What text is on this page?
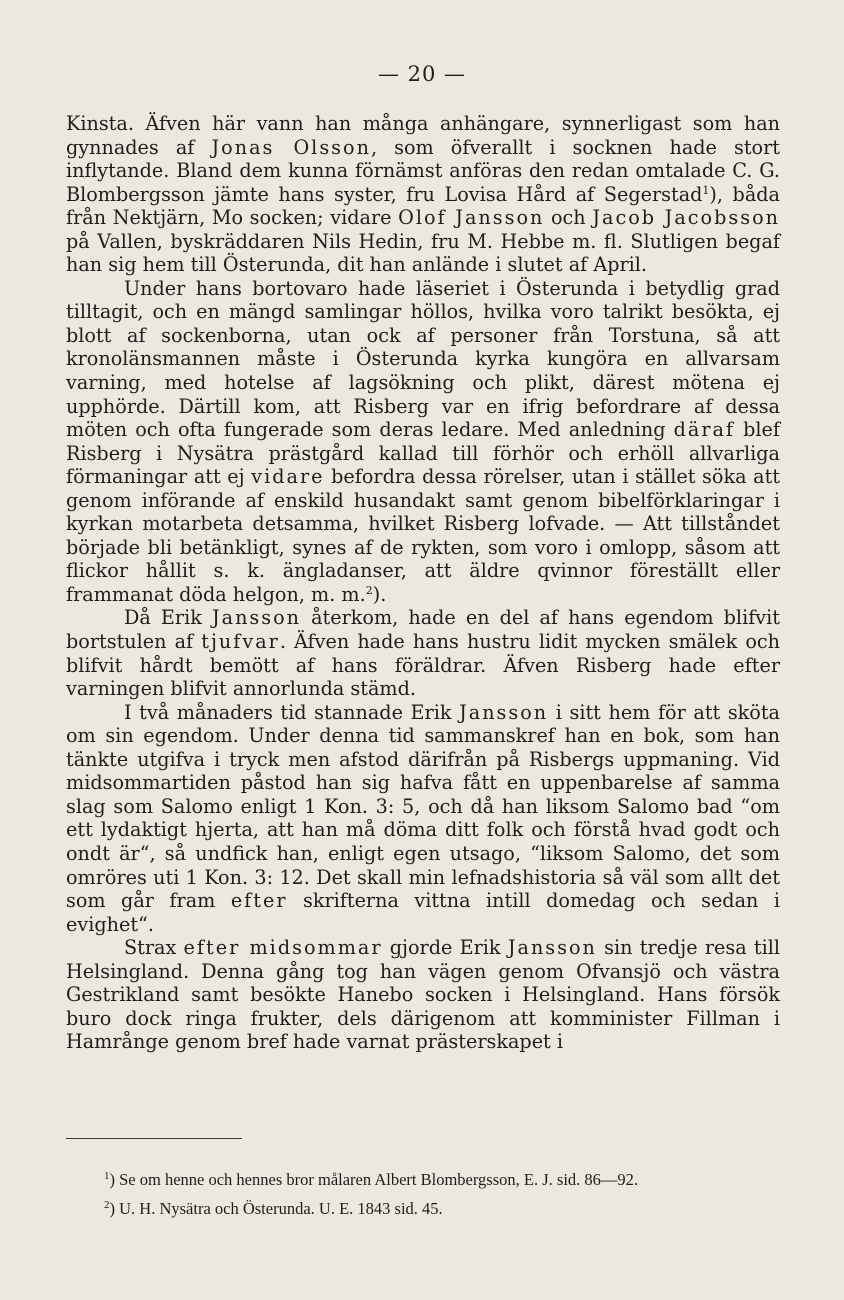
— 20 —

Kinsta. Äfven här vann han många anhängare, synnerligast som han gynnades af Jonas Olsson, som öfverallt i socknen hade stort inflytande. Bland dem kunna förnämst anföras den redan omtalade C. G. Blombergsson jämte hans syster, fru Lovisa Hård af Segerstad$^1$), båda från Nektjärn, Mo socken; vidare Olof Jansson och Jacob Jacobsson på Vallen, byskräddaren Nils Hedin, fru M. Hebbe m. fl. Slutligen begaf han sig hem till Österunda, dit han anlände i slutet af April.

Under hans bortovaro hade läseriet i Österunda i betydlig grad tilltagit, och en mängd samlingar höllos, hvilka voro talrikt besökta, ej blott af sockenborna, utan ock af personer från Torstuna, så att kronolänsmannen måste i Österunda kyrka kungöra en allvarsam varning, med hotelse af lagsökning och plikt, därest mötena ej upphörde. Därtill kom, att Risberg var en ifrig befordrare af dessa möten och ofta fungerade som deras ledare. Med anledning däraf blef Risberg i Nysätra prästgård kallad till förhör och erhöll allvarliga förmaningar att ej vidare befordra dessa rörelser, utan i stället söka att genom införande af enskild husandakt samt genom bibelförklaringar i kyrkan motarbeta detsamma, hvilket Risberg lofvade. — Att tillståndet började bli betänkligt, synes af de rykten, som voro i omlopp, såsom att flickor hållit s. k. ängladanser, att äldre qvinnor föreställt eller frammanat döda helgon, m. m.$^2$).

Då Erik Jansson återkom, hade en del af hans egendom blifvit bortstulen af tjufvar. Äfven hade hans hustru lidit mycken smälek och blifvit hårdt bemött af hans föräldrar. Äfven Risberg hade efter varningen blifvit annorlunda stämd.

I två månaders tid stannade Erik Jansson i sitt hem för att sköta om sin egendom. Under denna tid sammanskref han en bok, som han tänkte utgifva i tryck men afstod därifrån på Risbergs uppmaning. Vid midsommartiden påstod han sig hafva fått en uppenbarelse af samma slag som Salomo enligt 1 Kon. 3: 5, och då han liksom Salomo bad “om ett lydaktigt hjerta, att han må döma ditt folk och förstå hvad godt och ondt är“, så undfick han, enligt egen utsago, “liksom Salomo, det som omröres uti 1 Kon. 3: 12. Det skall min lefnadshistoria så väl som allt det som går fram efter skrifterna vittna intill domedag och sedan i evighet“.

Strax efter midsommar gjorde Erik Jansson sin tredje resa till Helsingland. Denna gång tog han vägen genom Ofvansjö och västra Gestrikland samt besökte Hanebo socken i Helsingland. Hans försök buro dock ringa frukter, dels därigenom att komminister Fillman i Hamrånge genom bref hade varnat prästerskapet i

$^1$) Se om henne och hennes bror målaren Albert Blombergsson, E. J. sid. 86—92.

$^2$) U. H. Nysätra och Österunda. U. E. 1843 sid. 45.
